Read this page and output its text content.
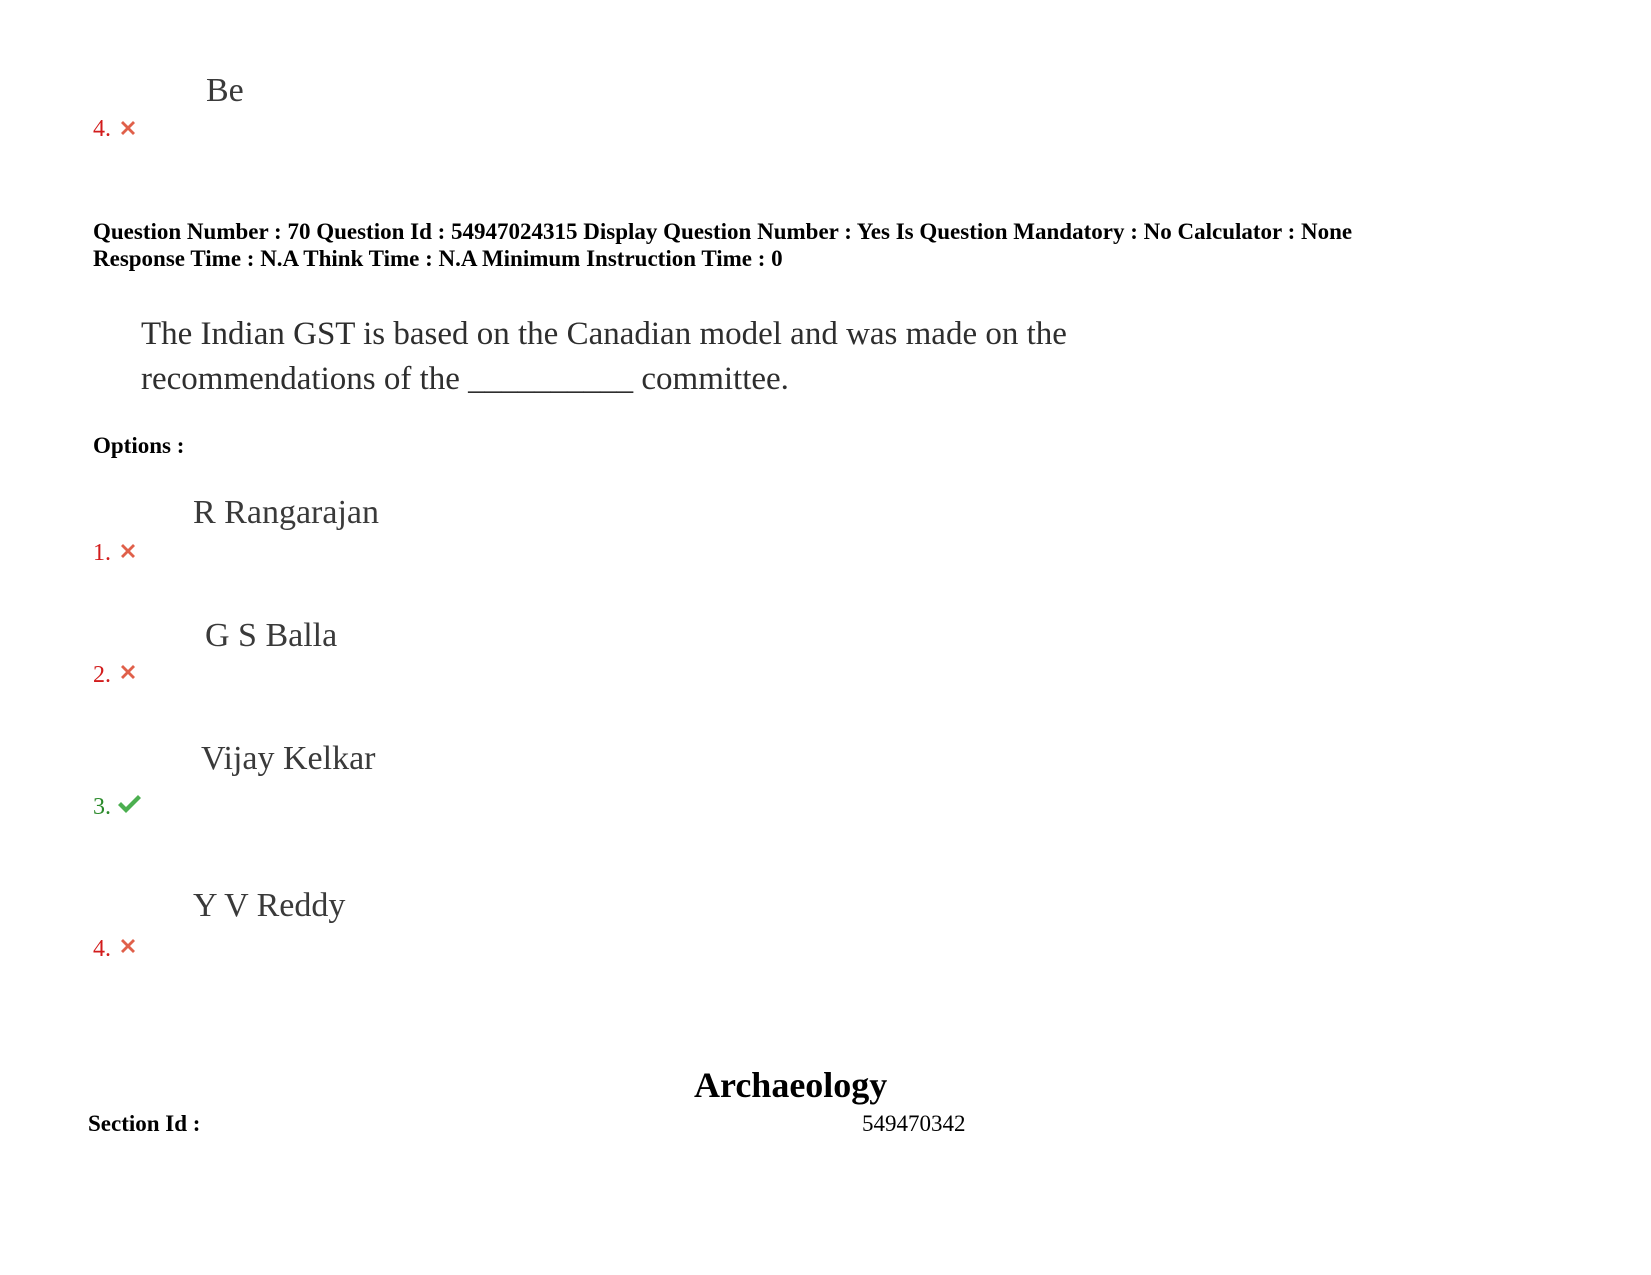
Be
4.
Question Number : 70 Question Id : 54947024315 Display Question Number : Yes Is Question Mandatory : No Calculator : None
Response Time : N.A Think Time : N.A Minimum Instruction Time : 0
The Indian GST is based on the Canadian model and was made on the
recommendations of the __________ committee.
Options :
R Rangarajan
1.
G S Balla
2.
Vijay Kelkar
3.
Y V Reddy
4.
Archaeology
Section Id :	549470342
